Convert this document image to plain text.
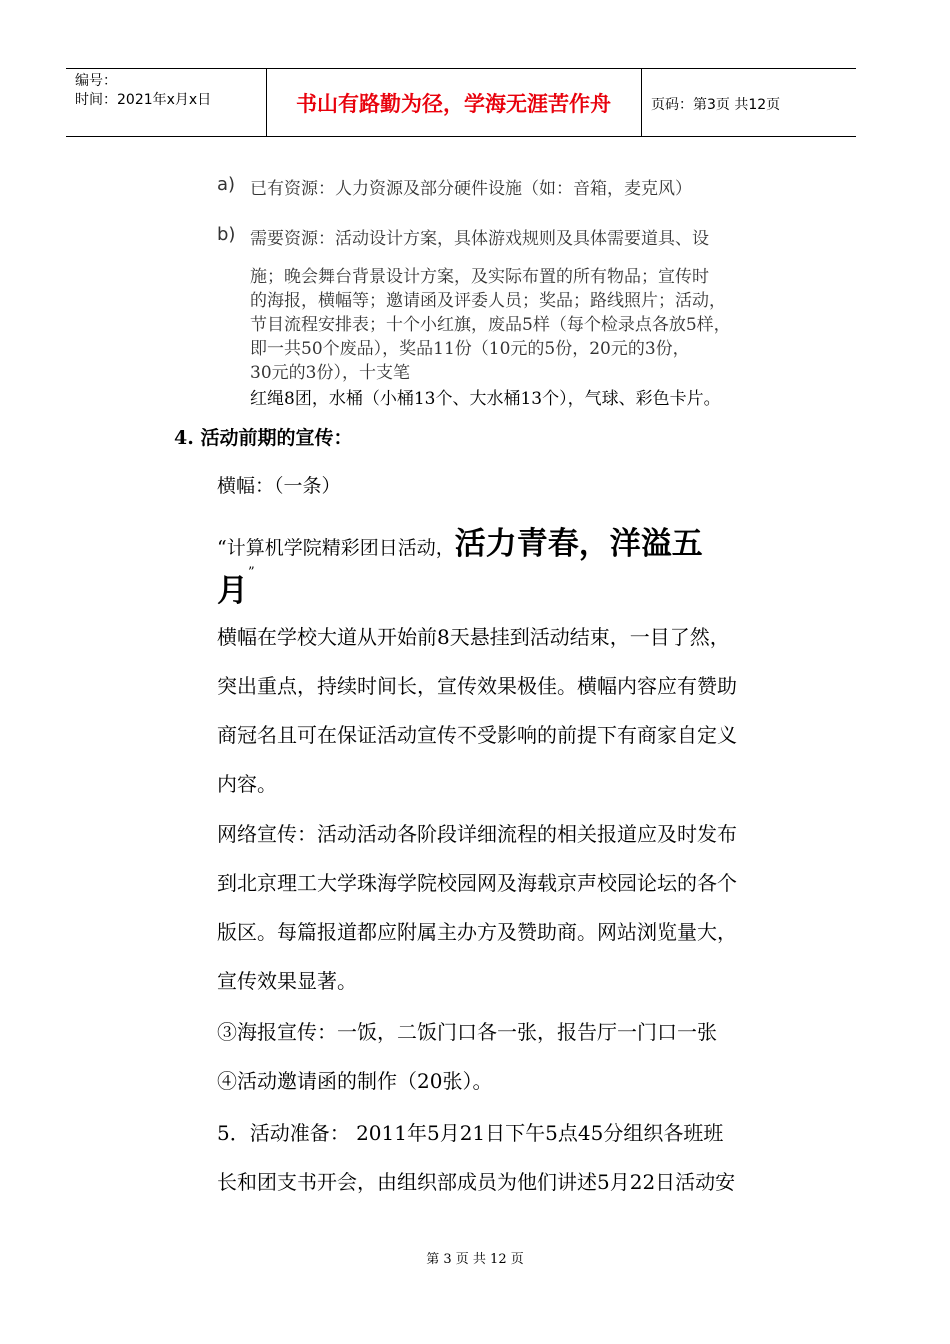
编号：
时间：2021年x月x日	书山有路勤为径，学海无涯苦作舟	页码：第3页 共12页
a) 已有资源：人力资源及部分硬件设施（如：音箱，麦克风）
b) 需要资源：活动设计方案，具体游戏规则及具体需要道具、设
施；晚会舞台背景设计方案，及实际布置的所有物品；宣传时
的海报，横幅等；邀请函及评委人员；奖品；路线照片；活动，
节目流程安排表；十个小红旗，废品5样（每个检录点各放5样，
即一共50个废品），奖品11份（10元的5份，20元的3份，
30元的3份），十支笔
红绳8团，水桶（小桶13个、大水桶13个），气球、彩色卡片。
4. 活动前期的宣传：
横幅：（一条）
“计算机学院精彩团日活动，活力青春，洋溢五
月”
横幅在学校大道从开始前8天悬挂到活动结束，一目了然，
突出重点，持续时间长，宣传效果极佳。横幅内容应有赞助
商冠名且可在保证活动宣传不受影响的前提下有商家自定义
内容。
网络宣传：活动活动各阶段详细流程的相关报道应及时发布
到北京理工大学珠海学院校园网及海载京声校园论坛的各个
版区。每篇报道都应附属主办方及赞助商。网站浏览量大，
宣传效果显著。
③海报宣传：一饭，二饭门口各一张，报告厅一门口一张
④活动邀请函的制作（20张）。
5．活动准备： 2011年5月21日下午5点45分组织各班班
长和团支书开会，由组织部成员为他们讲述5月22日活动安
第 3 页 共 12 页
